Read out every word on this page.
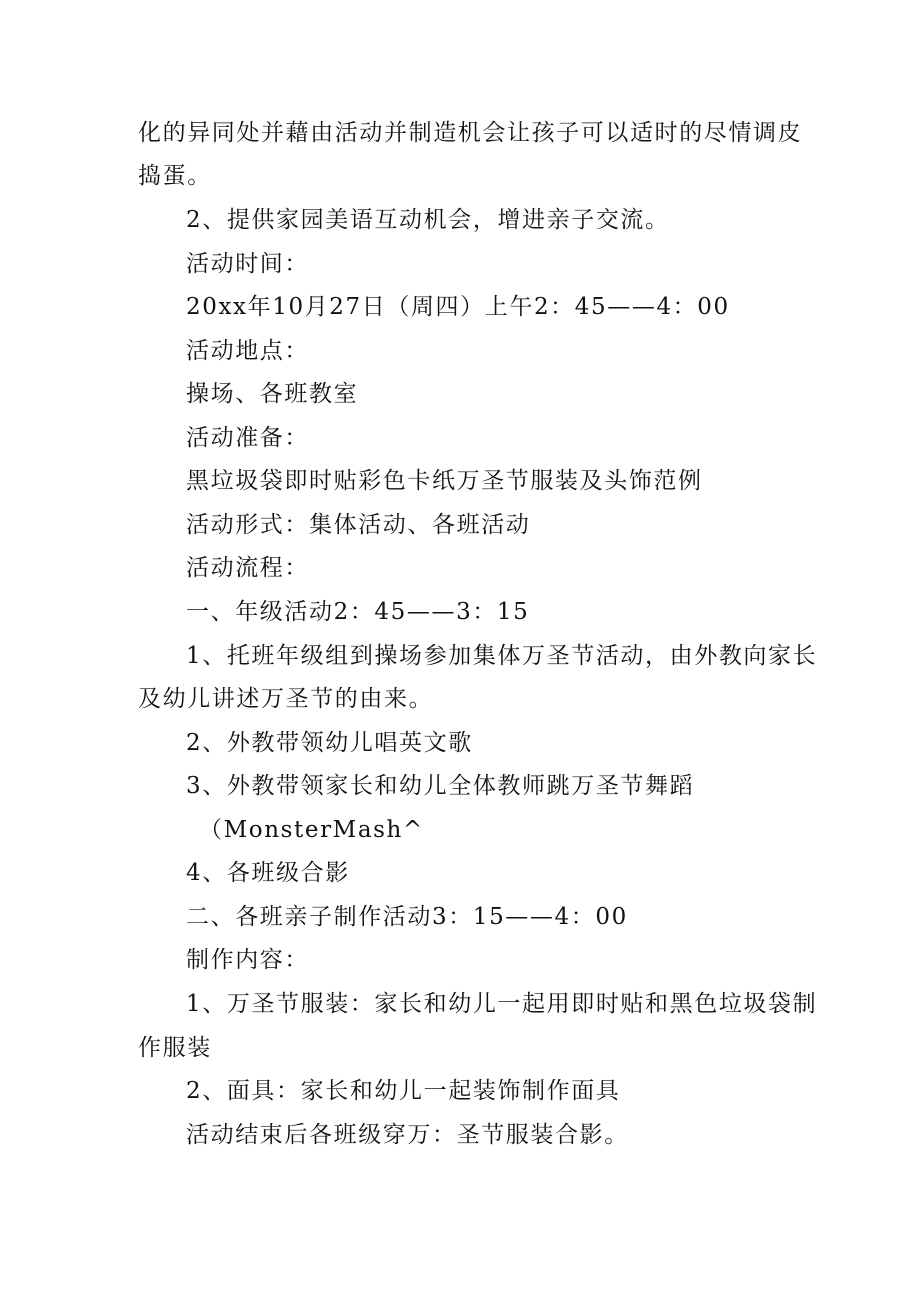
化的异同处并藉由活动并制造机会让孩子可以适时的尽情调皮
捣蛋。
2、提供家园美语互动机会，增进亲子交流。
活动时间：
20xx年10月27日（周四）上午2：45——4：00
活动地点：
操场、各班教室
活动准备：
黑垃圾袋即时贴彩色卡纸万圣节服装及头饰范例
活动形式：集体活动、各班活动
活动流程：
一、年级活动2：45——3：15
1、托班年级组到操场参加集体万圣节活动，由外教向家长
及幼儿讲述万圣节的由来。
2、外教带领幼儿唱英文歌
3、外教带领家长和幼儿全体教师跳万圣节舞蹈
（MonsterMash^
4、各班级合影
二、各班亲子制作活动3：15——4：00
制作内容：
1、万圣节服装：家长和幼儿一起用即时贴和黑色垃圾袋制
作服装
2、面具：家长和幼儿一起装饰制作面具
活动结束后各班级穿万：圣节服装合影。
